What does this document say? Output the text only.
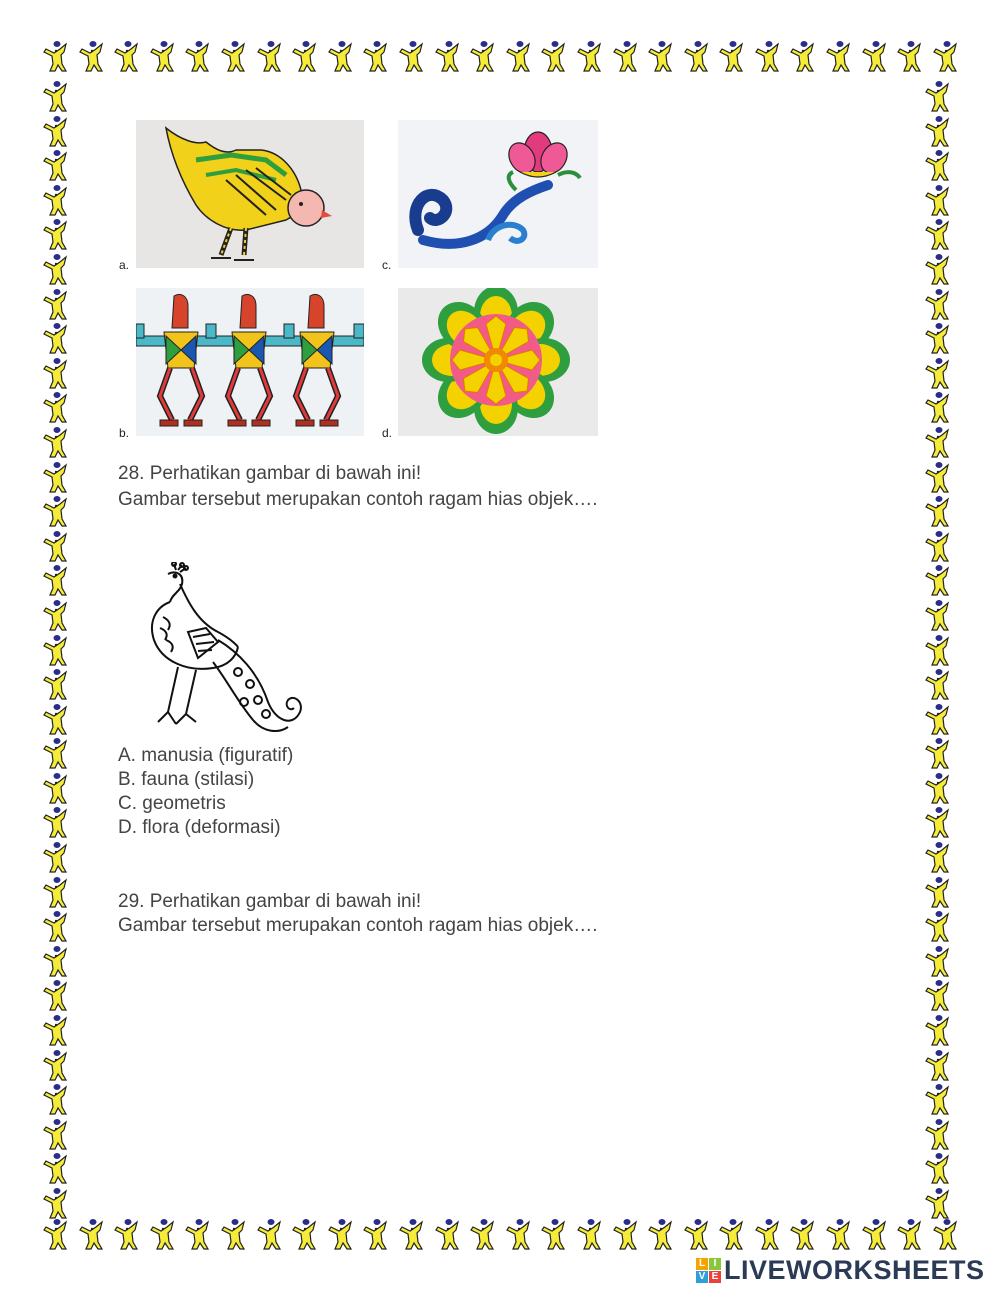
a.	c.
b.	d.
28. Perhatikan gambar di bawah ini!
Gambar tersebut merupakan contoh ragam hias objek….
A. manusia (figuratif)
B. fauna (stilasi)
C. geometris
D. flora (deformasi)
29. Perhatikan gambar di bawah ini!
Gambar tersebut merupakan contoh ragam hias objek….
L I
V E LIVEWORKSHEETS
